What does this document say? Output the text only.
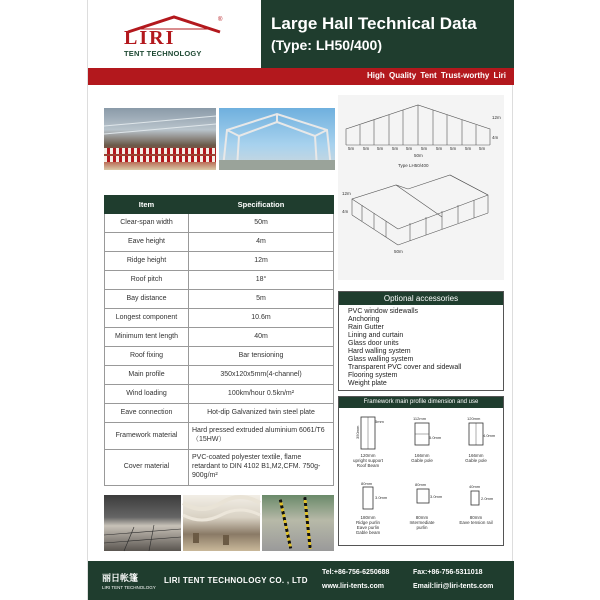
LIRI
®
TENT TECHNOLOGY
Large Hall Technical Data
(Type: LH50/400)
High Quality Tent Trust-worthy Liri
5m 5m 5m 5m 5m 5m 5m 5m 5m 5m
50m
4m
12m
Type LH50/400
12m
4m
50m
Item	Specification
Clear-span width	50m
Eave height	4m
Ridge height	12m
Roof pitch	18°
Bay distance	5m
Longest component	10.6m
Minimum tent length	40m
Roof fixing	Bar tensioning
Main profile	350x120x5mm(4-channel)
Wind loading	100km/hour 0.5kn/m²
Eave connection	Hot-dip Galvanized twin steel plate
Framework material	Hard pressed extruded aluminium 6061/T6（15HW）
Cover material	PVC-coated polyester textile, flame retardant to DIN 4102 B1,M2,CFM. 750g-900g/m²
Optional accessories
PVC window sidewalls
Anchoring
Rain Gutter
Lining and curtain
Glass door units
Hard walling system
Glass walling system
Transparent PVC cover and sidewall
Flooring system
Weight plate
Framework main profile dimension and use
350mm
5mm
120mm
upright support
Roof Beam
112mm
5.0mm
166mm
Gable pole
120mm
4.0mm
166mm
Gable pole
3.0mm
80mm
180mm
Ridge purlin
Eave purlin
Gable beam
80mm
3.0mm
80mm
Intermediate
purlin
40mm
2.0mm
80mm
Eave tension rail
丽日帐篷
LIRI TENT TECHNOLOGY
LIRI TENT TECHNOLOGY CO. , LTD
Tel:+86-756-6250688	Fax:+86-756-5311018
www.liri-tents.com	Email:liri@liri-tents.com
